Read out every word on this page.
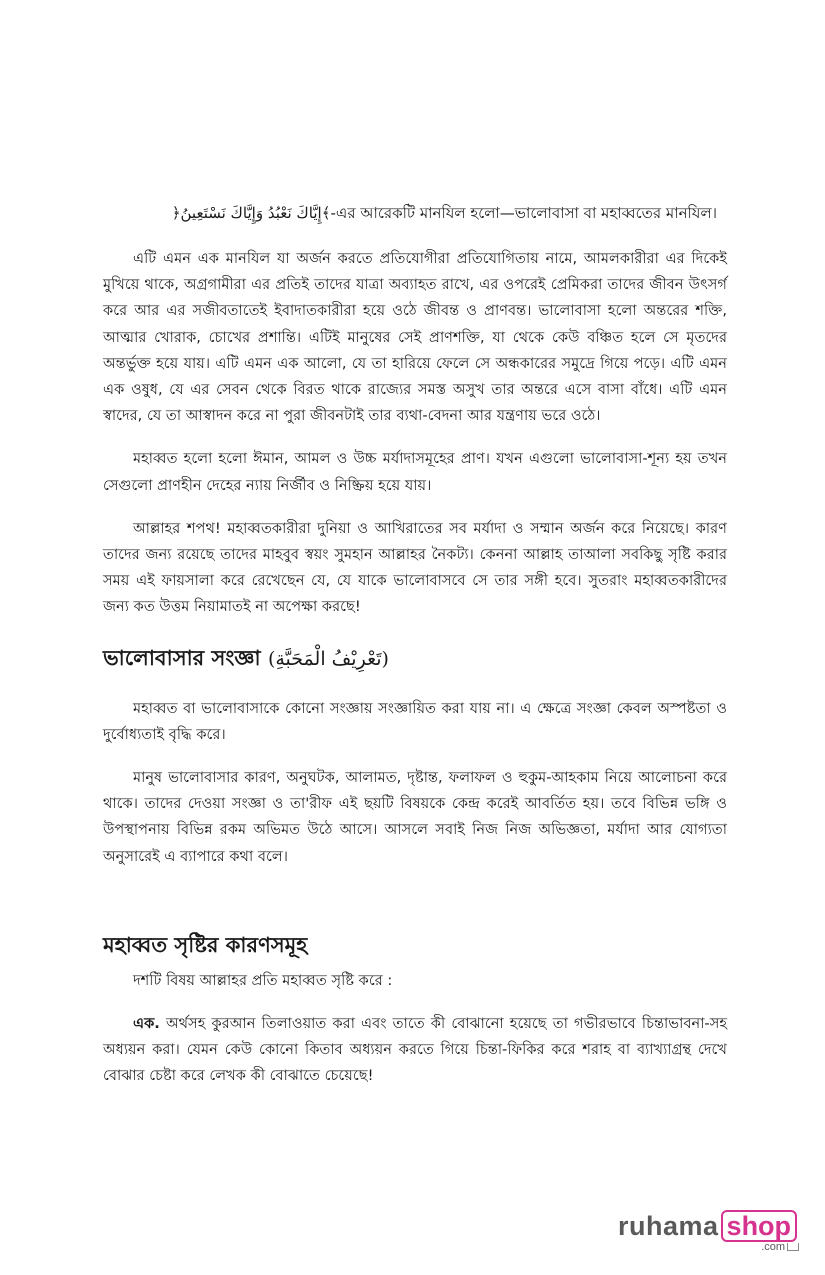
﴿إِيَّاكَ نَعْبُدُ وَإِيَّاكَ نَسْتَعِينُ﴾-এর আরেকটি মানযিল হলো—ভালোবাসা বা মহাব্বতের মানযিল।

এটি এমন এক মানযিল যা অর্জন করতে প্রতিযোগীরা প্রতিযোগিতায় নামে, আমলকারীরা এর দিকেই মুখিয়ে থাকে, অগ্রগামীরা এর প্রতিই তাদের যাত্রা অব্যাহত রাখে, এর ওপরেই প্রেমিকরা তাদের জীবন উৎসর্গ করে আর এর সজীবতাতেই ইবাদাতকারীরা হয়ে ওঠে জীবন্ত ও প্রাণবন্ত। ভালোবাসা হলো অন্তরের শক্তি, আত্মার খোরাক, চোখের প্রশান্তি। এটিই মানুষের সেই প্রাণশক্তি, যা থেকে কেউ বঞ্চিত হলে সে মৃতদের অন্তর্ভুক্ত হয়ে যায়। এটি এমন এক আলো, যে তা হারিয়ে ফেলে সে অন্ধকারের সমুদ্রে গিয়ে পড়ে। এটি এমন এক ওষুধ, যে এর সেবন থেকে বিরত থাকে রাজ্যের সমস্ত অসুখ তার অন্তরে এসে বাসা বাঁধে। এটি এমন স্বাদের, যে তা আস্বাদন করে না পুরা জীবনটাই তার ব্যথা-বেদনা আর যন্ত্রণায় ভরে ওঠে।

মহাব্বত হলো হলো ঈমান, আমল ও উচ্চ মর্যাদাসমূহের প্রাণ। যখন এগুলো ভালোবাসা-শূন্য হয় তখন সেগুলো প্রাণহীন দেহের ন্যায় নির্জীব ও নিষ্ক্রিয় হয়ে যায়।

আল্লাহর শপথ! মহাব্বতকারীরা দুনিয়া ও আখিরাতের সব মর্যাদা ও সম্মান অর্জন করে নিয়েছে। কারণ তাদের জন্য রয়েছে তাদের মাহবুব স্বয়ং সুমহান আল্লাহর নৈকট্য। কেননা আল্লাহ তাআলা সবকিছু সৃষ্টি করার সময় এই ফায়সালা করে রেখেছেন যে, যে যাকে ভালোবাসবে সে তার সঙ্গী হবে। সুতরাং মহাব্বতকারীদের জন্য কত উত্তম নিয়ামাতই না অপেক্ষা করছে!

ভালোবাসার সংজ্ঞা (تَعْرِيْفُ الْمَحَبَّةِ)

মহাব্বত বা ভালোবাসাকে কোনো সংজ্ঞায় সংজ্ঞায়িত করা যায় না। এ ক্ষেত্রে সংজ্ঞা কেবল অস্পষ্টতা ও দুর্বোধ্যতাই বৃদ্ধি করে।

মানুষ ভালোবাসার কারণ, অনুঘটক, আলামত, দৃষ্টান্ত, ফলাফল ও হুকুম-আহকাম নিয়ে আলোচনা করে থাকে। তাদের দেওয়া সংজ্ঞা ও তা'রীফ এই ছয়টি বিষয়কে কেন্দ্র করেই আবর্তিত হয়। তবে বিভিন্ন ভঙ্গি ও উপস্থাপনায় বিভিন্ন রকম অভিমত উঠে আসে। আসলে সবাই নিজ নিজ অভিজ্ঞতা, মর্যাদা আর যোগ্যতা অনুসারেই এ ব্যাপারে কথা বলে।

মহাব্বত সৃষ্টির কারণসমূহ

দশটি বিষয় আল্লাহর প্রতি মহাব্বত সৃষ্টি করে :

এক. অর্থসহ কুরআন তিলাওয়াত করা এবং তাতে কী বোঝানো হয়েছে তা গভীরভাবে চিন্তাভাবনা-সহ অধ্যয়ন করা। যেমন কেউ কোনো কিতাব অধ্যয়ন করতে গিয়ে চিন্তা-ফিকির করে শরাহ বা ব্যাখ্যাগ্রন্থ দেখে বোঝার চেষ্টা করে লেখক কী বোঝাতে চেয়েছে!

ruhama shop
.com
